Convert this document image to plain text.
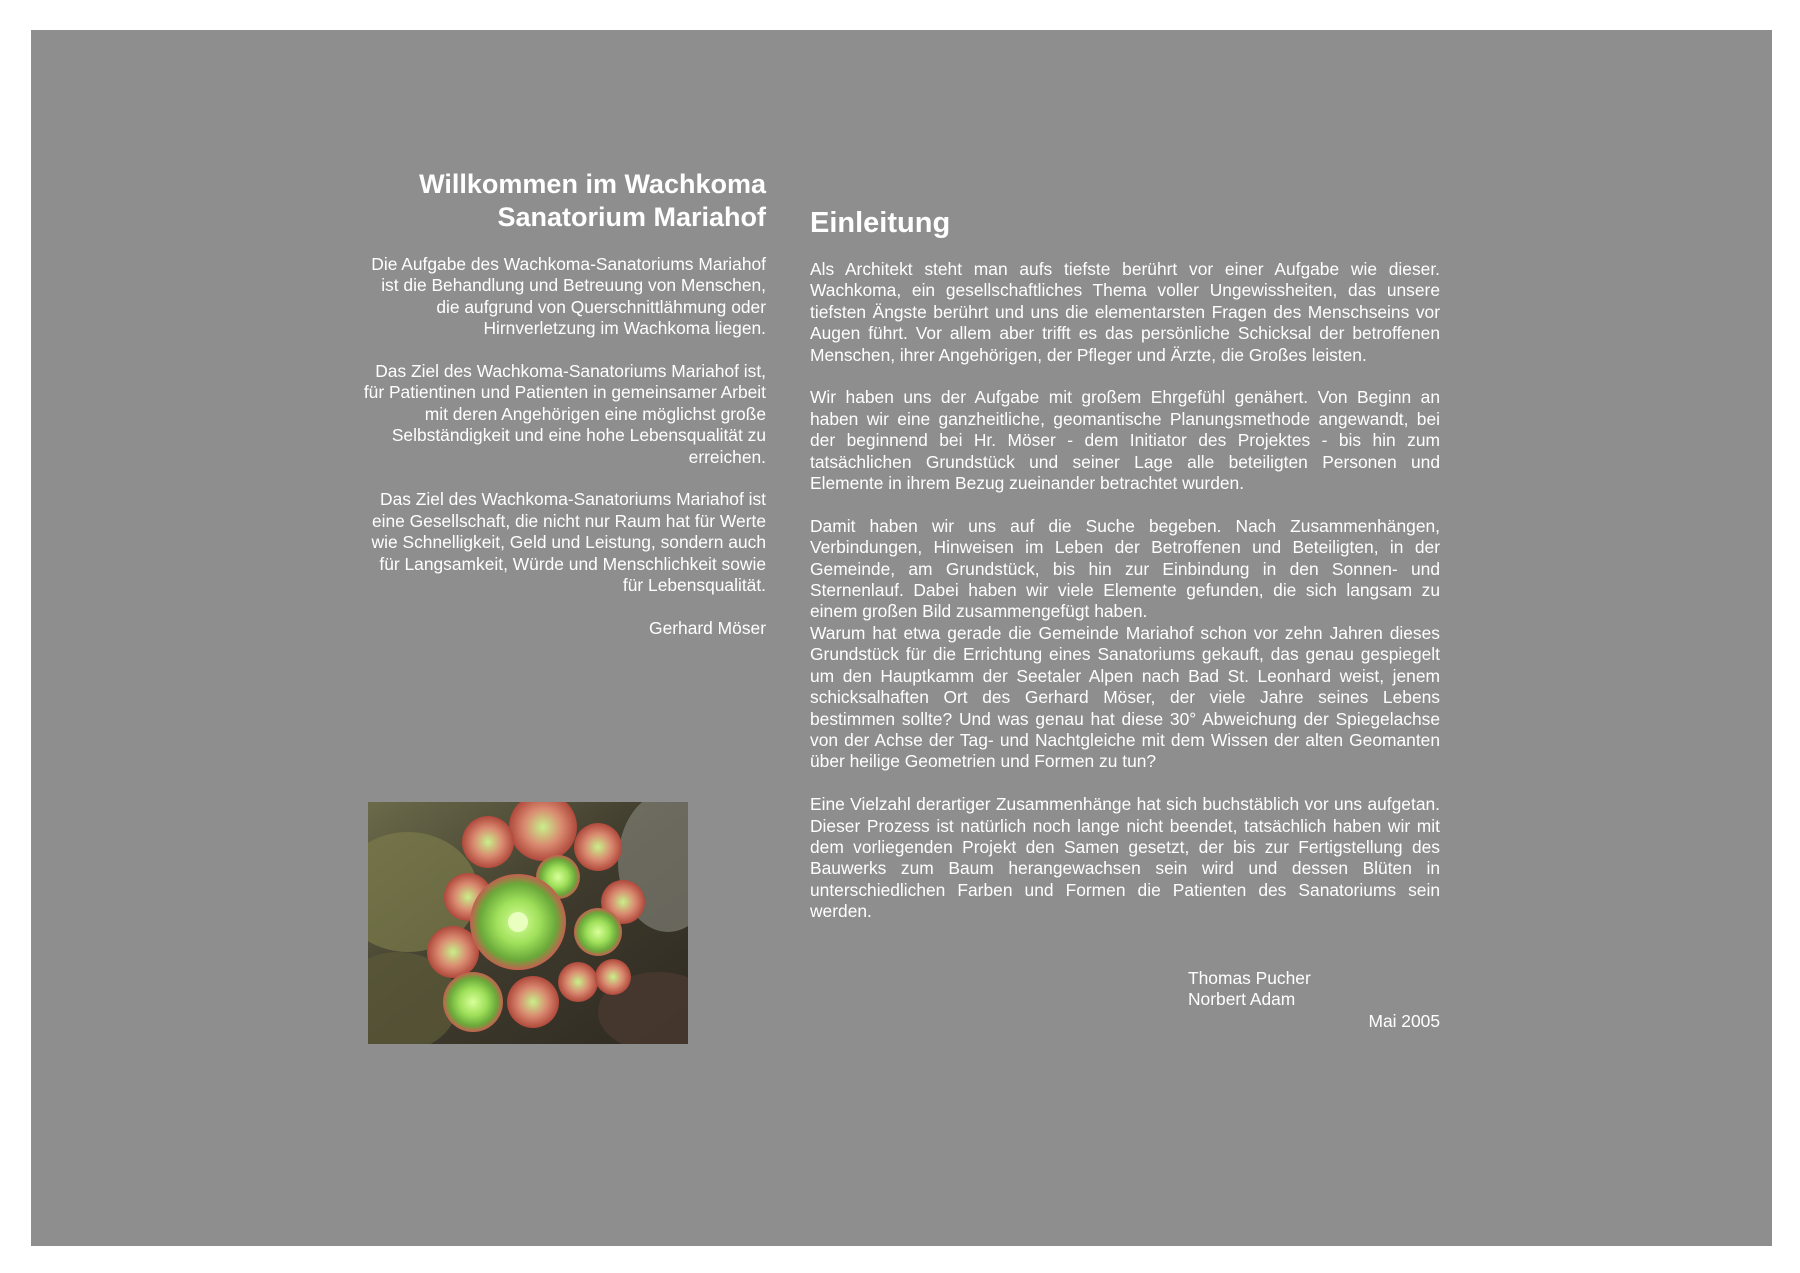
Willkommen im Wachkoma
Sanatorium Mariahof

Die Aufgabe des Wachkoma-Sanatoriums Mariahof ist die Behandlung und Betreuung von Menschen, die aufgrund von Querschnittlähmung oder Hirnverletzung im Wachkoma liegen.

Das Ziel des Wachkoma-Sanatoriums Mariahof ist, für Patientinen und Patienten in gemeinsamer Arbeit mit deren Angehörigen eine möglichst große Selbständigkeit und eine hohe Lebensqualität zu erreichen.

Das Ziel des Wachkoma-Sanatoriums Mariahof ist eine Gesellschaft, die nicht nur Raum hat für Werte wie Schnelligkeit, Geld und Leistung, sondern auch für Langsamkeit, Würde und Menschlichkeit sowie für Lebensqualität.

Gerhard Möser

Einleitung

Als Architekt steht man aufs tiefste berührt vor einer Aufgabe wie dieser. Wachkoma, ein gesellschaftliches Thema voller Ungewissheiten, das unsere tiefsten Ängste berührt und uns die elementarsten Fragen des Menschseins vor Augen führt. Vor allem aber trifft es das persönliche Schicksal der betroffenen Menschen, ihrer Angehörigen, der Pfleger und Ärzte, die Großes leisten.

Wir haben uns der Aufgabe mit großem Ehrgefühl genähert. Von Beginn an haben wir eine ganzheitliche, geomantische Planungsmethode angewandt, bei der beginnend bei Hr. Möser - dem Initiator des Projektes - bis hin zum tatsächlichen Grundstück und seiner Lage alle beteiligten Personen und Elemente in ihrem Bezug zueinander betrachtet wurden.

Damit haben wir uns auf die Suche begeben. Nach Zusammenhängen, Verbindungen, Hinweisen im Leben der Betroffenen und Beteiligten, in der Gemeinde, am Grundstück, bis hin zur Einbindung in den Sonnen- und Sternenlauf. Dabei haben wir viele Elemente gefunden, die sich langsam zu einem großen Bild zusammengefügt haben.

Warum hat etwa gerade die Gemeinde Mariahof schon vor zehn Jahren dieses Grundstück für die Errichtung eines Sanatoriums gekauft, das genau gespiegelt um den Hauptkamm der Seetaler Alpen nach Bad St. Leonhard weist, jenem schicksalhaften Ort des Gerhard Möser, der viele Jahre seines Lebens bestimmen sollte? Und was genau hat diese 30° Abweichung der Spiegelachse von der Achse der Tag- und Nachtgleiche mit dem Wissen der alten Geomanten über heilige Geometrien und Formen zu tun?

Eine Vielzahl derartiger Zusammenhänge hat sich buchstäblich vor uns aufgetan. Dieser Prozess ist natürlich noch lange nicht beendet, tatsächlich haben wir mit dem vorliegenden Projekt den Samen gesetzt, der bis zur Fertigstellung des Bauwerks zum Baum herangewachsen sein wird und dessen Blüten in unterschiedlichen Farben und Formen die Patienten des Sanatoriums sein werden.

Thomas Pucher
Norbert Adam
Mai 2005
